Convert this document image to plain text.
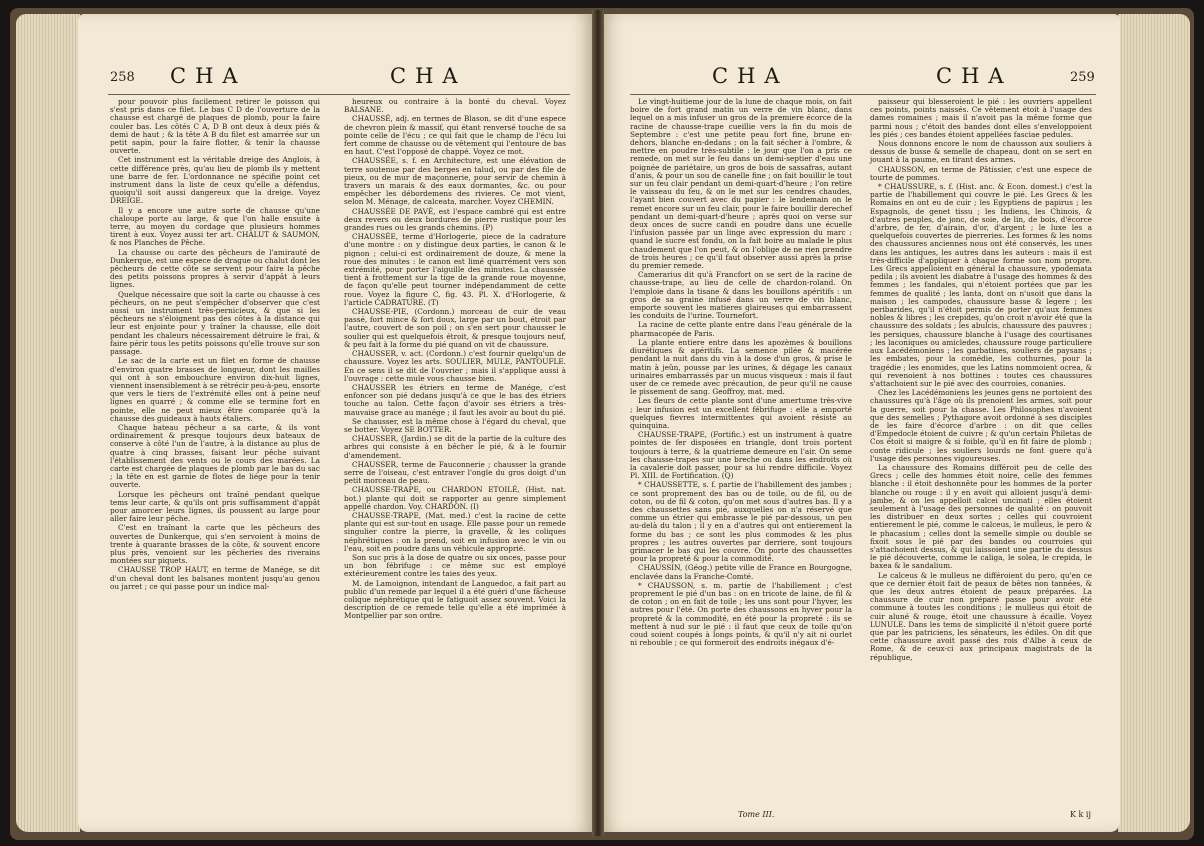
258 CHA	CHA

pour pouvoir plus facilement retirer le poisson qui s'est pris dans ce filet. Le bas C D de l'ouverture de la chausse est chargé de plaques de plomb, pour la faire couler bas. Les côtés C A, D B ont deux à deux piés & demi de haut ; & la tête A B du filet est amarrée sur un petit sapin, pour la faire flotter, & tenir la chausse ouverte.

Cet instrument est la véritable dreige des Anglois, à cette différence près, qu'au lieu de plomb ils y mettent une barre de fer. L'ordonnance ne spécifie point cet instrument dans la liste de ceux qu'elle a défendus, quoiqu'il soit aussi dangereux que la dreige. Voyez DREIGE.

Il y a encore une autre sorte de chausse qu'une chaloupe porte au large, & que l'on halle ensuite à terre, au moyen du cordage que plusieurs hommes tirent à eux. Voyez aussi ter art. CHALUT & SAUMON, & nos Planches de Pêche.

La chausse ou carte des pêcheurs de l'amirauté de Dunkerque, est une espece de drague ou chalut dont les pêcheurs de cette côte se servent pour faire la pêche des petits poissons propres à servir d'appât à leurs lignes.

Quelque nécessaire que soit la carte ou chausse à ces pêcheurs, on ne peut s'empêcher d'observer que c'est aussi un instrument très-pernicieux, & que si les pêcheurs ne s'éloignent pas des côtes à la distance qui leur est enjointe pour y traîner la chausse, elle doit pendant les chaleurs nécessairement détruire le frai, & faire périr tous les petits poissons qu'elle trouve sur son passage.

Le sac de la carte est un filet en forme de chausse d'environ quatre brasses de longueur, dont les mailles qui ont à son embouchure environ dix-huit lignes, viennent insensiblement à se rétrécir peu-à-peu, ensorte que vers le tiers de l'extrémité elles ont à peine neuf lignes en quarré ; & comme elle se termine fort en pointe, elle ne peut mieux être comparée qu'à la chausse des guideaux à hauts étaliers.

Chaque bateau pêcheur a sa carte, & ils vont ordinairement & presque toujours deux bateaux de conserve à côté l'un de l'autre, à la distance au plus de quatre à cinq brasses, faisant leur pêche suivant l'établissement des vents ou le cours des marées. La carte est chargée de plaques de plomb par le bas du sac ; la tête en est garnie de flotes de liége pour la tenir ouverte.

Lorsque les pêcheurs ont traîné pendant quelque tems leur carte, & qu'ils ont pris suffisamment d'appât pour amorcer leurs lignes, ils poussent au large pour aller faire leur pêche.

C'est en traînant la carte que les pêcheurs des ouvertes de Dunkerque, qui s'en servoient à moins de trente à quarante brasses de la côte, & souvent encore plus près, venoient sur les pêcheries des riverains montées sur piquets.

CHAUSSE TROP HAUT, en terme de Manége, se dit d'un cheval dont les balsanes montent jusqu'au genou ou jarret ; ce qui passe pour un indice mal-

heureux ou contraire à la bonté du cheval. Voyez BALSANE.

CHAUSSÉ, adj. en termes de Blason, se dit d'une espece de chevron plein & massif, qui étant renversé touche de sa pointe celle de l'écu ; ce qui fait que le champ de l'écu lui fert comme de chausse ou de vêtement qui l'entoure de bas en haut. C'est l'opposé de chappé. Voyez ce mot.

CHAUSSÉE, s. f. en Architecture, est une élévation de terre soutenue par des berges en talud, ou par des file de pieux, ou de mur de maçonnerie, pour servir de chemin à travers un marais & des eaux dormantes, &c. ou pour empêcher les débordemens des rivieres. Ce mot vient, selon M. Ménage, de calceata, marcher. Voyez CHEMIN.

CHAUSSÉE DE PAVÉ, est l'espace cambré qui est entre deux revers ou deux bordures de pierre rustique pour les grandes rues ou les grands chemins. (P)

CHAUSSÉE, terme d'Horlogerie, piece de la cadrature d'une montre : on y distingue deux parties, le canon & le pignon ; celui-ci est ordinairement de douze, & mene la roue des minutes : le canon est limé quarrément vers son extrémité, pour porter l'aiguille des minutes. La chaussée tient à frottement sur la tige de la grande roue moyenne, de façon qu'elle peut tourner indépendamment de cette roue. Voyez la figure C, fig. 43. Pl. X. d'Horlogerie, & l'article CADRATURE. (T)

CHAUSSE-PIE, (Cordonn.) morceau de cuir de veau passé, fort mince & fort doux, large par un bout, étroit par l'autre, couvert de son poil ; on s'en sert pour chausser le soulier qui est quelquefois étroit, & presque toujours neuf, & peu fait à la forme du pié quand on vit de chaussure.

CHAUSSER, v. act. (Cordonn.) c'est fournir quelqu'un de chaussure. Voyez les arts. SOULIER, MULE, PANTOUFLE. En ce sens il se dit de l'ouvrier ; mais il s'applique aussi à l'ouvrage : cette mule vous chausse bien.

CHAUSSER les étriers en terme de Manége, c'est enfoncer son pié dedans jusqu'à ce que le bas des étriers touche au talon. Cette façon d'avoir ses étriers a très-mauvaise grace au manége ; il faut les avoir au bout du pié.

Se chausser, est la même chose à l'égard du cheval, que se botter. Voyez SE BOTTER.

CHAUSSER, (Jardin.) se dit de la partie de la culture des arbres qui consiste à en bêcher le pié, & à le fournir d'amendement.

CHAUSSER, terme de Fauconnerie ; chausser la grande serre de l'oiseau, c'est entraver l'ongle du gros doigt d'un petit morceau de peau.

CHAUSSE-TRAPE, ou CHARDON ETOILÉ, (Hist. nat. bot.) plante qui doit se rapporter au genre simplement appellé chardon. Voy. CHARDON. (I)

CHAUSSE-TRAPE, (Mat. med.) c'est la racine de cette plante qui est sur-tout en usage. Elle passe pour un remede singulier contre la pierre, la gravelle, & les coliques néphrétiques : on la prend, soit en infusion avec le vin ou l'eau, soit en poudre dans un véhicule approprié.

Son suc pris à la dose de quatre ou six onces, passe pour un bon fébrifuge : ce même suc est employé extérieurement contre les taies des yeux.

M. de Lamoignon, intendant de Languedoc, a fait part au public d'un remede par lequel il a été guéri d'une fâcheuse colique néphrétique qui le fatiguoit assez souvent. Voici la description de ce remede telle qu'elle a été imprimée à Montpellier par son ordre.

CHA	CHA	259

Le vingt-huitieme jour de la lune de chaque mois, on fait boire de fort grand matin un verre de vin blanc, dans lequel on a mis infuser un gros de la premiere écorce de la racine de chausse-trape cueillie vers la fin du mois de Septembre : c'est une petite peau fort fine, brune en-dehors, blanche en-dedans ; on la fait sécher à l'ombre, & mettre en poudre très-subtile : le jour que l'on a pris ce remede, on met sur le feu dans un demi-septier d'eau une poignée de pariétaire, un gros de bois de sassafras, autant d'anis, & pour un sou de canelle fine ; on fait bouillir le tout sur un feu clair pendant un demi-quart-d'heure ; l'on retire le vaisseau du feu, & on le met sur les cendres chaudes, l'ayant bien couvert avec du papier : le lendemain on le remet encore sur un feu clair, pour le faire bouillir derechef pendant un demi-quart-d'heure ; après quoi on verse sur deux onces de sucre candi en poudre dans une écuelle l'infusion passée par un linge avec expression du marc : quand le sucre est fondu, on la fait boire au malade le plus chaudement que l'on peut, & on l'oblige de ne rien prendre de trois heures ; ce qu'il faut observer aussi après la prise du premier remede.

Camerarius dit qu'à Francfort on se sert de la racine de chausse-trape, au lieu de celle de chardon-roland. On l'emploie dans la tisane & dans les bouillons apéritifs : un gros de sa graine infusé dans un verre de vin blanc, emporte souvent les matieres glaireuses qui embarrassent les conduits de l'urine. Tournefort.

La racine de cette plante entre dans l'eau générale de la pharmacopée de Paris.

La plante entiere entre dans les apozèmes & bouillons diurétiques & apéritifs. La semence pilée & macérée pendant la nuit dans du vin à la dose d'un gros, & prise le matin à jeûn, pousse par les urines, & dégage les canaux urinaires embarrassés par un mucus visqueux : mais il faut user de ce remede avec précaution, de peur qu'il ne cause le pissement de sang. Geoffroy, mat. med.

Les fleurs de cette plante sont d'une amertume très-vive ; leur infusion est un excellent fébrifuge : elle a emporté quelques fievres intermittentes qui avoient résisté au quinquina.

CHAUSSE-TRAPE, (Fortific.) est un instrument à quatre pointes de fer disposées en triangle, dont trois portent toujours à terre, & la quatrieme demeure en l'air. On seme les chausse-trapes sur une breche ou dans les endroits où la cavalerie doit passer, pour sa lui rendre difficile. Voyez Pl. XIII. de Fortification. (Q)

* CHAUSSETTE, s. f. partie de l'habillement des jambes ; ce sont proprement des bas ou de toile, ou de fil, ou de coton, ou de fil & coton, qu'on met sous d'autres bas. Il y a des chaussettes sans pié, auxquelles on n'a réservé que comme un étrier qui embrasse le pié par-dessous, un peu au-delà du talon ; il y en a d'autres qui ont entierement la forme du bas ; ce sont les plus commodes & les plus propres ; les autres ouvertes par derriere, sont toujours grimacer le bas qui les couvre. On porte des chaussettes pour la propreté & pour la commodité.

CHAUSSIN, (Géog.) petite ville de France en Bourgogne, enclavée dans la Franche-Comté.

* CHAUSSON, s. m. partie de l'habillement ; c'est proprement le pié d'un bas : on en tricote de laine, de fil & de coton ; on en fait de toile ; les uns sont pour l'hyver, les autres pour l'été. On porte des chaussons en hyver pour la propreté & la commodité, en été pour la propreté : ils se mettent à nud sur le pié : il faut que ceux de toile qu'on coud soient coupés à longs points, & qu'il n'y ait ni ourlet ni rebouble ; ce qui formeroit des endroits inégaux d'é-

paisseur qui blesseroient le pié : les ouvriers appellent ces points, points naissés. Ce vêtement étoit à l'usage des dames romaines ; mais il n'avoit pas la même forme que parmi nous ; c'étoit des bandes dont elles s'enveloppoient les piés ; ces bandes étoient appellées fasciae pedules.

Nous donnons encore le nom de chausson aux souliers à dessus de busse & semelle de chapeau, dont on se sert en jouant à la paume, en tirant des armes.

CHAUSSON, en terme de Pâtissier, c'est une espece de tourte de pommes.

* CHAUSSURE, s. f. (Hist. anc. & Econ. domest.) c'est la partie de l'habillement qui couvre le pié. Les Grecs & les Romains en ont eu de cuir ; les Egyptiens de papirus ; les Espagnols, de genet tissu ; les Indiens, les Chinois, & d'autres peuples, de jonc, de soie, de lin, de bois, d'écorce d'arbre, de fer, d'airain, d'or, d'argent ; le luxe les a quelquefois couvertes de pierreries. Les formes & les noms des chaussures anciennes nous ont été conservés, les unes dans les antiques, les autres dans les auteurs : mais il est très-difficile d'appliquer à chaque forme son nom propre. Les Grecs appelloient en général la chaussure, ypodemata pedila ; ils avoient les diabatre à l'usage des hommes & des femmes ; les fandales, qui n'étoient portées que par les femmes de qualité ; les lanta, dont on n'usoit que dans la maison ; les campodes, chaussure basse & legere ; les peribarides, qu'il n'étoit permis de porter qu'aux femmes nobles & libres ; les crepides, qu'on croit n'avoir été que la chaussure des soldats ; les abulcis, chaussure des pauvres ; les persiques, chaussure blanche à l'usage des courtisanes ; les laconiques ou amicledes, chaussure rouge particuliere aux Lacédémoniens ; les garbatines, souliers de paysans ; les embates, pour la comédie, les cothurnes, pour la tragédie ; les enomides, que les Latins nommoient ocrea, & qui revenoient à nos bottines : toutes ces chaussures s'attachoient sur le pié avec des courroies, conanies.

Chez les Lacédémoniens les jeunes gens ne portoient des chaussures qu'à l'âge où ils prenoient les armes, soit pour la guerre, soit pour la chasse. Les Philosophes n'avoient que des semelles ; Pythagore avoit ordonné à ses disciples de les faire d'écorce d'arbre : on dit que celles d'Empedocle étoient de cuivre ; & qu'un certain Philetas de Cos étoit si maigre & si foible, qu'il en fit faire de plomb ; conte ridicule ; les souliers lourds ne font guere qu'à l'usage des personnes vigoureuses.

La chaussure des Romains différoit peu de celle des Grecs ; celle des hommes étoit noire, celle des femmes blanche : il étoit deshonnête pour les hommes de la porter blanche ou rouge : il y en avoit qui alloient jusqu'à demi-jambe, & on les appelloit calcei uncinati ; elles étoient seulement à l'usage des personnes de qualité : on pouvoit les distribuer en deux sortes ; celles qui couvroient entierement le pié, comme le calceus, le mulleus, le pero & le phacasium ; celles dont la semelle simple ou double se fixoit sous le pié par des bandes ou courroies qui s'attachoient dessus, & qui laissoient une partie du dessus le pié découverte, comme le caliga, le solea, le crepida, le baxea & le sandalium.

Le calceus & le mulleus ne différoient du pero, qu'en ce que ce dernier étoit fait de peaux de bêtes non tannées, & que les deux autres étoient de peaux préparées. La chaussure de cuir non préparé passe pour avoir été commune à toutes les conditions ; le mulleus qui étoit de cuir aluné & rouge, étoit une chaussure à écaille. Voyez LUNULE. Dans les tems de simplicité il n'étoit guere porté que par les patriciens, les sénateurs, les édiles. On dit que cette chaussure avoit passé des rois d'Albe à ceux de Rome, & de ceux-ci aux principaux magistrats de la république,

Tome III.	K k ij
